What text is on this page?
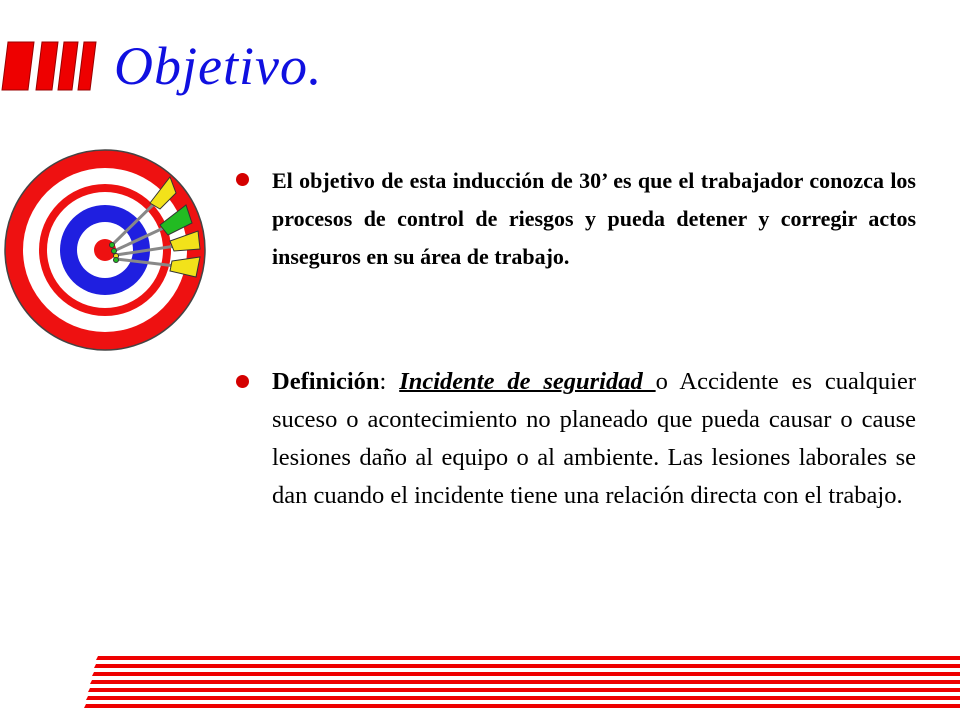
Objetivo.
El objetivo de esta inducción de 30’ es que el trabajador conozca los procesos de control de riesgos y pueda detener y corregir actos inseguros en su área de trabajo.
Definición: Incidente de seguridad o Accidente es cualquier suceso o acontecimiento no planeado que pueda causar o cause lesiones daño al equipo o al ambiente. Las lesiones laborales se dan cuando el incidente tiene una relación directa con el trabajo.
